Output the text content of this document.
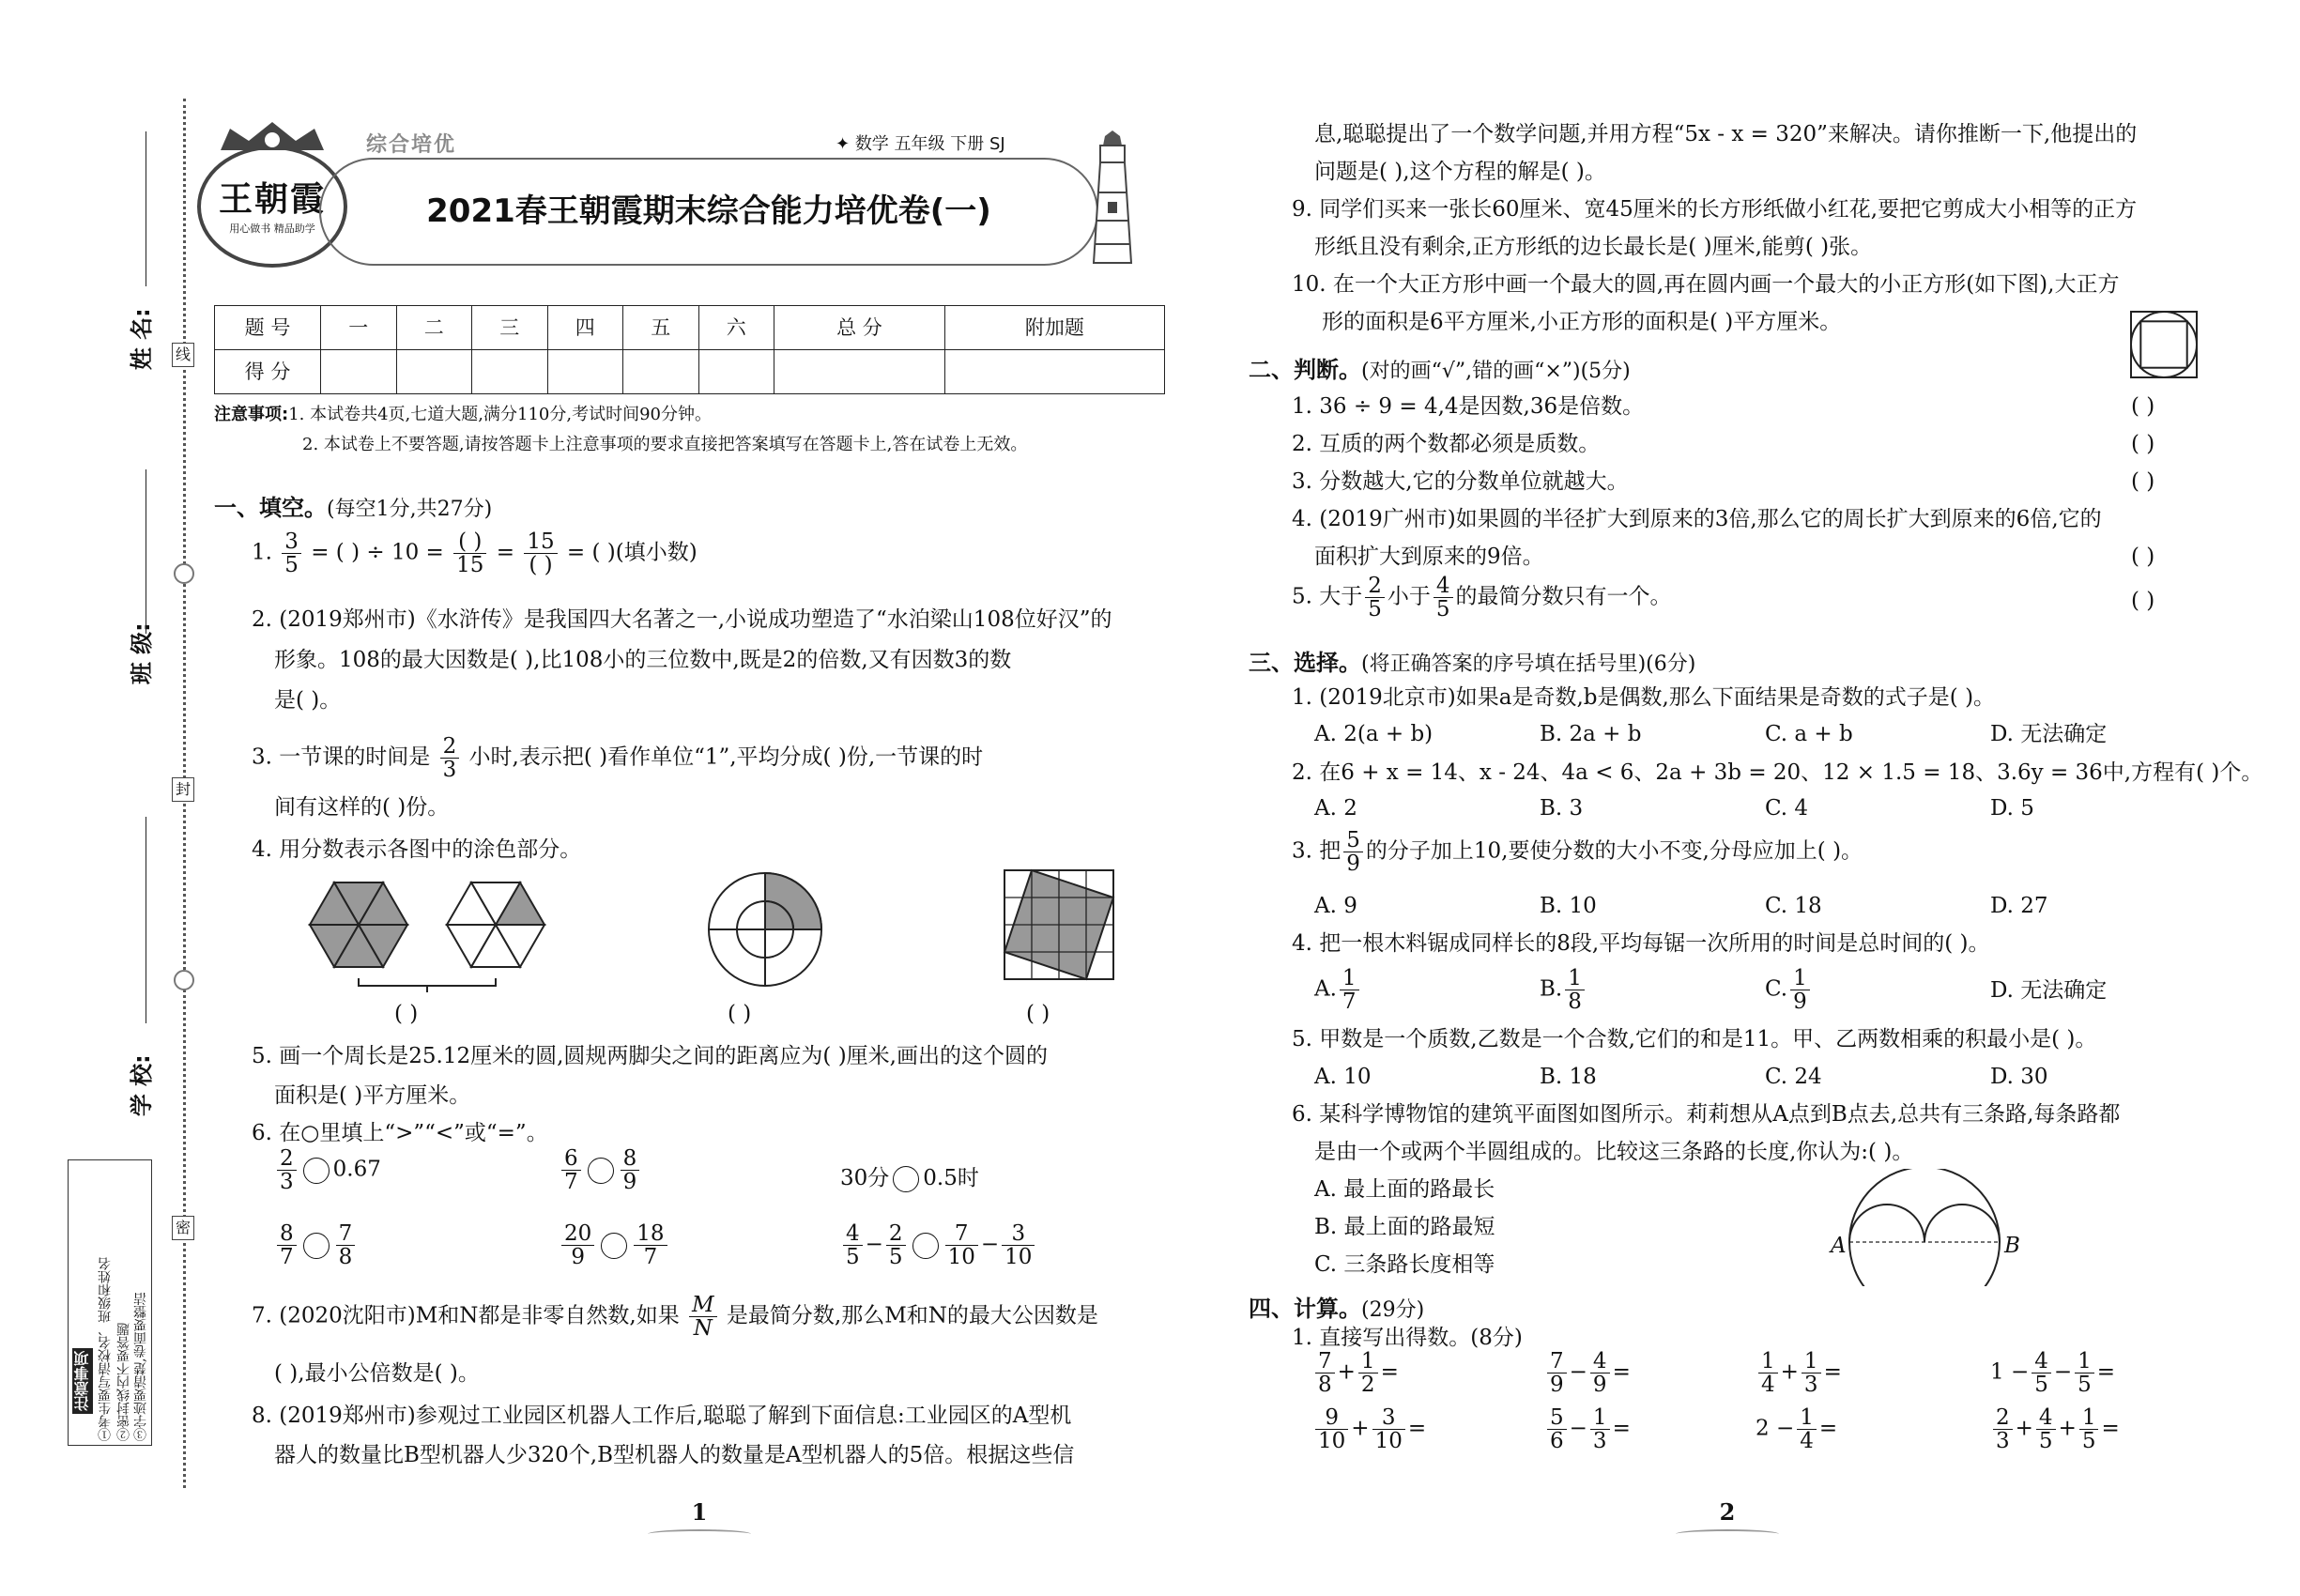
线
封
密
姓 名:
班 级:
学 校:
注意事项 ①考生要写清校名、班级和姓名 ②密封线内不要答题 ③字迹要清楚,卷面要整洁
王朝霞
用心做书 精品助学
综合培优	✦ 数学 五年级 下册 SJ
2021春王朝霞期末综合能力培优卷(一)
题 号	一	二	三	四	五	六	总 分	附加题
得 分								
注意事项:1. 本试卷共4页,七道大题,满分110分,考试时间90分钟。
2. 本试卷上不要答题,请按答题卡上注意事项的要求直接把答案填写在答题卡上,答在试卷上无效。
一、填空。(每空1分,共27分)
1. $\frac{3}{5}$ = ( ) ÷ $10 = \frac{( )}{15} = \frac{15}{( )}$ = ( )(填小数)
2. (2019郑州市)《水浒传》是我国四大名著之一,小说成功塑造了“水泊梁山108位好汉”的
形象。108的最大因数是( ),比108小的三位数中,既是2的倍数,又有因数3的数
是( )。
3. 一节课的时间是 $\frac{2}{3}$ 小时,表示把( )看作单位“1”,平均分成( )份,一节课的时
间有这样的( )份。
4. 用分数表示各图中的涂色部分。
( )	( )	( )
5. 画一个周长是25.12厘米的圆,圆规两脚尖之间的距离应为( )厘米,画出的这个圆的
面积是( )平方厘米。
6. 在○里填上“>”“<”或“=”。
$\frac{2}{3} 0.67$	$\frac{6}{7} \frac{8}{9}$	30分 0.5时
$\frac{8}{7} \frac{7}{8}$	$\frac{20}{9} \frac{18}{7}$	$\frac{4}{5} - \frac{2}{5} \frac{7}{10} - \frac{3}{10}$
7. (2020沈阳市)M和N都是非零自然数,如果 $\frac{M}{N}$ 是最简分数,那么M和N的最大公因数是
( ),最小公倍数是( )。
8. (2019郑州市)参观过工业园区机器人工作后,聪聪了解到下面信息:工业园区的A型机
器人的数量比B型机器人少320个,B型机器人的数量是A型机器人的5倍。根据这些信
1	2
息,聪聪提出了一个数学问题,并用方程“5x - x = 320”来解决。请你推断一下,他提出的
问题是( ),这个方程的解是( )。
9. 同学们买来一张长60厘米、宽45厘米的长方形纸做小红花,要把它剪成大小相等的正方
形纸且没有剩余,正方形纸的边长最长是( )厘米,能剪( )张。
10. 在一个大正方形中画一个最大的圆,再在圆内画一个最大的小正方形(如下图),大正方
形的面积是6平方厘米,小正方形的面积是( )平方厘米。
二、判断。(对的画“√”,错的画“×”)(5分)
1. 36 ÷ 9 = 4,4是因数,36是倍数。	( )
2. 互质的两个数都必须是质数。	( )
3. 分数越大,它的分数单位就越大。	( )
4. (2019广州市)如果圆的半径扩大到原来的3倍,那么它的周长扩大到原来的6倍,它的
面积扩大到原来的9倍。	( )
5. 大于 $\frac{2}{5}$ 小于 $\frac{4}{5}$ 的最简分数只有一个。	( )
三、选择。(将正确答案的序号填在括号里)(6分)
1. (2019北京市)如果a是奇数,b是偶数,那么下面结果是奇数的式子是( )。
A. 2(a + b)	B. 2a + b	C. a + b	D. 无法确定
2. 在6 + x = 14、x - 24、4a < 6、2a + 3b = 20、12 × 1.5 = 18、3.6y = 36中,方程有( )个。
A. 2	B. 3	C. 4	D. 5
3. 把 $\frac{5}{9}$ 的分子加上10,要使分数的大小不变,分母应加上( )。
A. 9	B. 10	C. 18	D. 27
4. 把一根木料锯成同样长的8段,平均每锯一次所用的时间是总时间的( )。
A. $\frac{1}{7}$	B. $\frac{1}{8}$	C. $\frac{1}{9}$	D. 无法确定
5. 甲数是一个质数,乙数是一个合数,它们的和是11。甲、乙两数相乘的积最小是( )。
A. 10	B. 18	C. 24	D. 30
6. 某科学博物馆的建筑平面图如图所示。莉莉想从A点到B点去,总共有三条路,每条路都
是由一个或两个半圆组成的。比较这三条路的长度,你认为:( )。
A. 最上面的路最长
B. 最上面的路最短
C. 三条路长度相等
A	B
四、计算。(29分)
1. 直接写出得数。(8分)
$\frac{7}{8} + \frac{1}{2}$ =	$\frac{7}{9} - \frac{4}{9}$ =	$\frac{1}{4} + \frac{1}{3}$ =	$1 - \frac{4}{5} - \frac{1}{5}$ =
$\frac{9}{10} + \frac{3}{10}$ =	$\frac{5}{6} - \frac{1}{3}$ =	$2 - \frac{1}{4}$ =	$\frac{2}{3} + \frac{4}{5} + \frac{1}{5}$ =
